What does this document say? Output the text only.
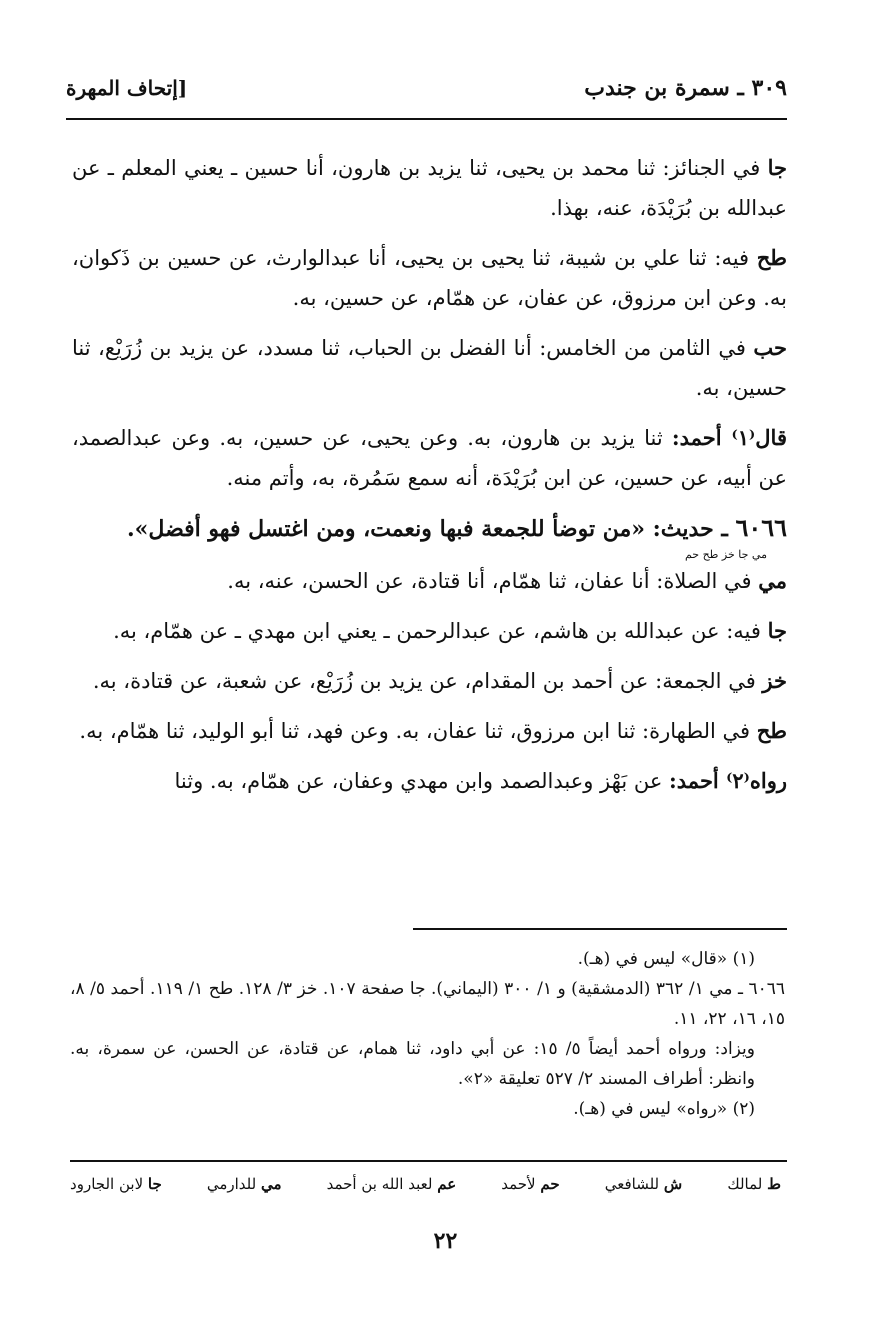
٣٠٩ ـ سمرة بن جندب
[إتحاف المهرة

جا في الجنائز: ثنا محمد بن يحيى، ثنا يزيد بن هارون، أنا حسين ـ يعني المعلم ـ عن عبدالله بن بُرَيْدَة، عنه، بهذا.

طح فيه: ثنا علي بن شيبة، ثنا يحيى بن يحيى، أنا عبدالوارث، عن حسين بن ذَكوان، به. وعن ابن مرزوق، عن عفان، عن همّام، عن حسين، به.

حب في الثامن من الخامس: أنا الفضل بن الحباب، ثنا مسدد، عن يزيد بن زُرَيْع، ثنا حسين، به.

قال⁽١⁾ أحمد: ثنا يزيد بن هارون، به. وعن يحيى، عن حسين، به. وعن عبدالصمد، عن أبيه، عن حسين، عن ابن بُرَيْدَة، أنه سمع سَمُرة، به، وأتم منه.

٦٠٦٦ ـ حديث: «من توضأ للجمعة فبها ونعمت، ومن اغتسل فهو أفضل».

مي جا خز طح حم

مي في الصلاة: أنا عفان، ثنا همّام، أنا قتادة، عن الحسن، عنه، به.

جا فيه: عن عبدالله بن هاشم، عن عبدالرحمن ـ يعني ابن مهدي ـ عن همّام، به.

خز في الجمعة: عن أحمد بن المقدام، عن يزيد بن زُرَيْع، عن شعبة، عن قتادة، به.

طح في الطهارة: ثنا ابن مرزوق، ثنا عفان، به. وعن فهد، ثنا أبو الوليد، ثنا همّام، به.

رواه⁽٢⁾ أحمد: عن بَهْز وعبدالصمد وابن مهدي وعفان، عن همّام، به. وثنا

(١) «قال» ليس في (هـ).

٦٠٦٦ ـ مي ١/ ٣٦٢ (الدمشقية) و ١/ ٣٠٠ (اليماني). جا صفحة ١٠٧. خز ٣/ ١٢٨. طح ١/ ١١٩. أحمد ٥/ ٨، ١٥، ١٦، ٢٢، ١١.

ويزاد: ورواه أحمد أيضاً ٥/ ١٥: عن أبي داود، ثنا همام، عن قتادة، عن الحسن، عن سمرة، به. وانظر: أطراف المسند ٢/ ٥٢٧ تعليقة «٢».

(٢) «رواه» ليس في (هـ).

ط لمالك
ش للشافعي
حم لأحمد
عم لعبد الله بن أحمد
مي للدارمي
جا لابن الجارود
٢٢
